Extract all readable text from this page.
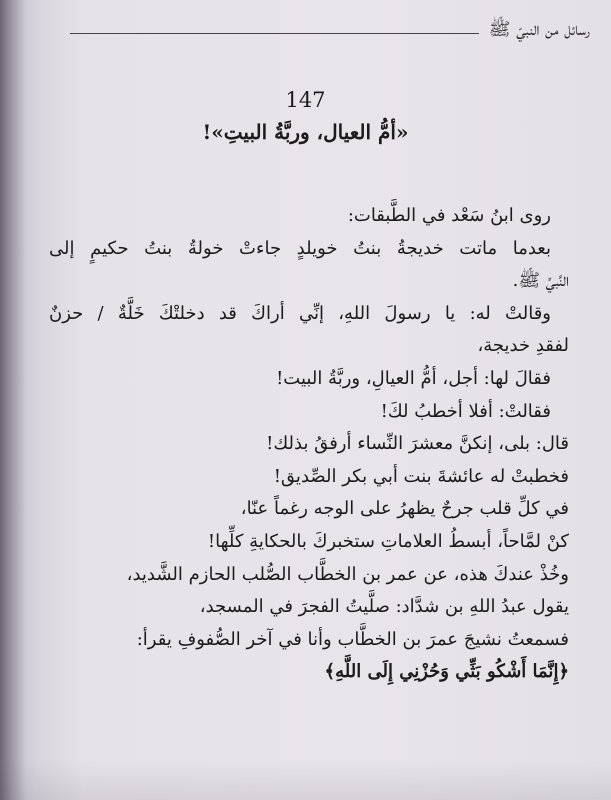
رسائل من النبيّ ﷺ
147
«أمُّ العيال، وربَّةُ البيتِ»!
روى ابنُ سَعْد في الطَّبقات:
بعدما ماتت خديجةُ بنتُ خويلدٍ جاءتْ خولةُ بنتُ حكيمٍ إلى
النَّبيِّ ﷺ.
وقالتْ له: يا رسولَ اللهِ، إنِّي أراكَ قد دخلتْكَ خَلَّةٌ / حزنٌ
لفقدِ خديجة،
فقالَ لها: أجل، أمُّ العيالِ، وربَّةُ البيت!
فقالتْ: أفلا أخطبُ لكَ!
قال: بلى، إنكنَّ معشرَ النِّساء أرفقُ بذلك!
فخطبتْ له عائشةَ بنت أبي بكر الصِّديق!
في كلِّ قلب جرحٌ يظهرُ على الوجه رغماً عنّا،
كنْ لمَّاحاً، أبسطُ العلاماتِ ستخبركَ بالحكايةِ كلِّها!
وخُذْ عندكَ هذه، عن عمر بن الخطَّاب الصُّلب الحازم الشَّديد،
يقول عبدُ اللهِ بن شدَّاد: صلَّيتُ الفجرَ في المسجد،
فسمعتُ نشيجَ عمرَ بن الخطَّاب وأنا في آخر الصُّفوفِ يقرأ:
﴿إِنَّمَا أَشْكُو بَثِّي وَحُزْنِي إِلَى اللَّهِ﴾
